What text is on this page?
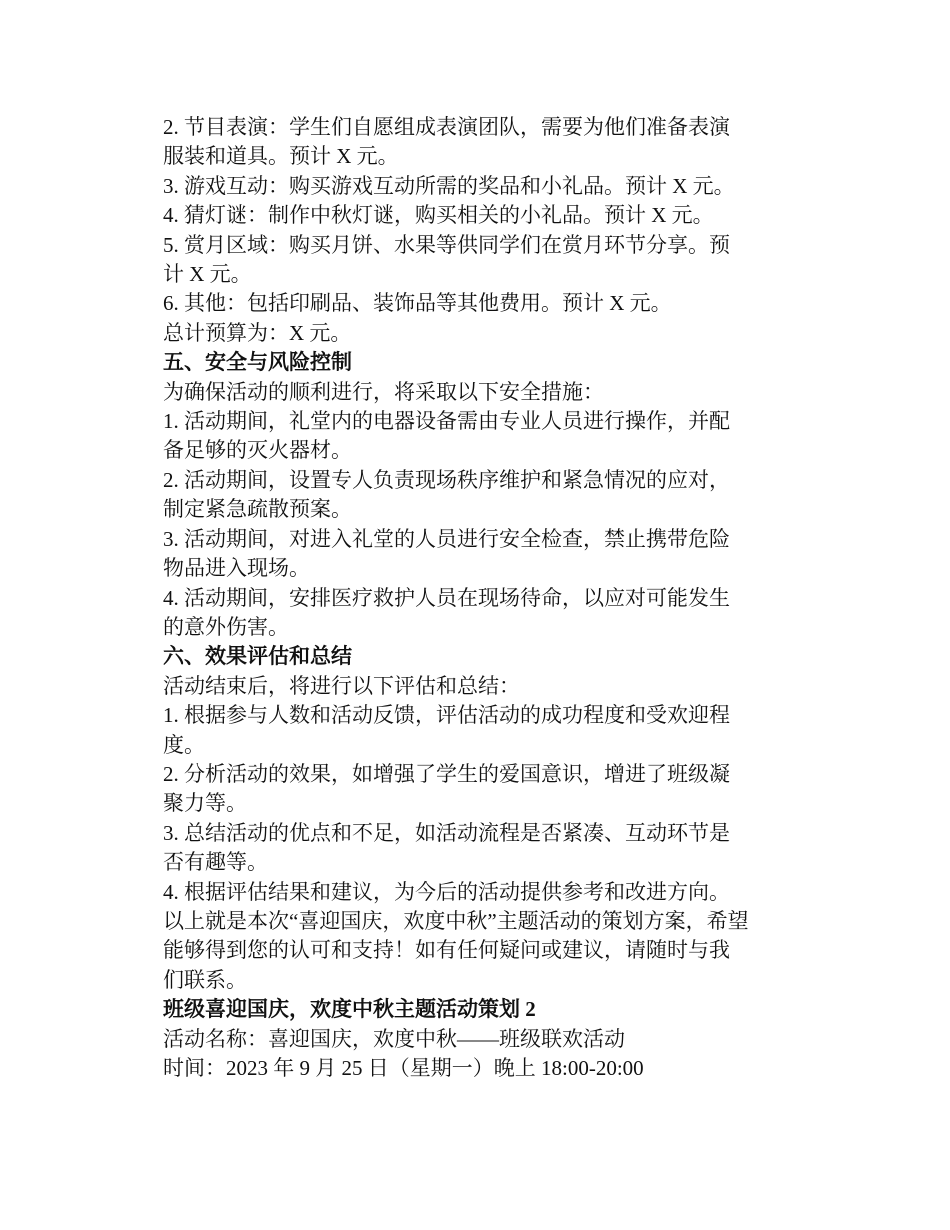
2. 节目表演：学生们自愿组成表演团队，需要为他们准备表演

服装和道具。预计 X 元。

3. 游戏互动：购买游戏互动所需的奖品和小礼品。预计 X 元。

4. 猜灯谜：制作中秋灯谜，购买相关的小礼品。预计 X 元。

5. 赏月区域：购买月饼、水果等供同学们在赏月环节分享。预

计 X 元。

6. 其他：包括印刷品、装饰品等其他费用。预计 X 元。

总计预算为：X 元。

五、安全与风险控制

为确保活动的顺利进行，将采取以下安全措施：

1. 活动期间，礼堂内的电器设备需由专业人员进行操作，并配

备足够的灭火器材。

2. 活动期间，设置专人负责现场秩序维护和紧急情况的应对，

制定紧急疏散预案。

3. 活动期间，对进入礼堂的人员进行安全检查，禁止携带危险

物品进入现场。

4. 活动期间，安排医疗救护人员在现场待命，以应对可能发生

的意外伤害。

六、效果评估和总结

活动结束后，将进行以下评估和总结：

1. 根据参与人数和活动反馈，评估活动的成功程度和受欢迎程

度。

2. 分析活动的效果，如增强了学生的爱国意识，增进了班级凝

聚力等。

3. 总结活动的优点和不足，如活动流程是否紧凑、互动环节是

否有趣等。

4. 根据评估结果和建议，为今后的活动提供参考和改进方向。

以上就是本次“喜迎国庆，欢度中秋”主题活动的策划方案，希望

能够得到您的认可和支持！如有任何疑问或建议，请随时与我

们联系。

班级喜迎国庆，欢度中秋主题活动策划 2

活动名称：喜迎国庆，欢度中秋——班级联欢活动

时间：2023 年 9 月 25 日（星期一）晚上 18:00-20:00
